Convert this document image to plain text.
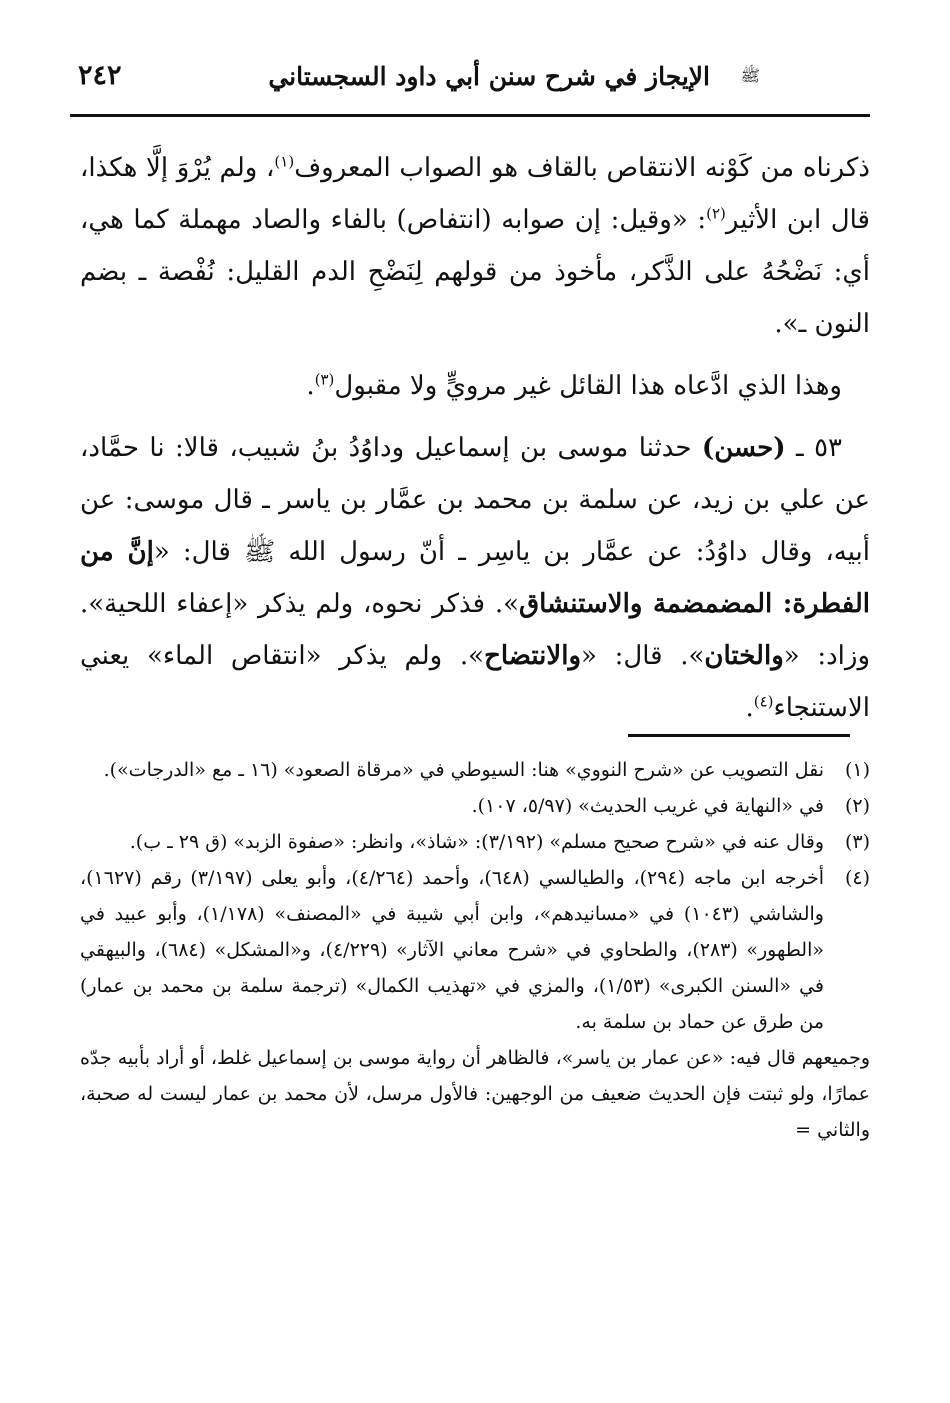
الإيجاز في شرح سنن أبي داود السجستاني ﷺ
٢٤٢

ذكرناه من كَوْنه الانتقاص بالقاف هو الصواب المعروف$^{(١)}$، ولم يُرْوَ إلَّا هكذا، قال ابن الأثير$^{(٢)}$: «وقيل: إن صوابه (انتفاص) بالفاء والصاد مهملة كما هي، أي: نَضْحُهُ على الذَّكر، مأخوذ من قولهم لِنَضْحِ الدم القليل: نُفْصة ـ بضم النون ـ».

وهذا الذي ادَّعاه هذا القائل غير مرويٍّ ولا مقبول$^{(٣)}$.

٥٣ ـ (حسن) حدثنا موسى بن إسماعيل وداوُدُ بنُ شبيب، قالا: نا حمَّاد، عن علي بن زيد، عن سلمة بن محمد بن عمَّار بن ياسر ـ قال موسى: عن أبيه، وقال داوُدُ: عن عمَّار بن ياسِر ـ أنّ رسول الله ﷺ قال: «إنَّ من الفطرة: المضمضمة والاستنشاق». فذكر نحوه، ولم يذكر «إعفاء اللحية». وزاد: «والختان». قال: «والانتضاح». ولم يذكر «انتقاص الماء» يعني الاستنجاء$^{(٤)}$.

(١)
نقل التصويب عن «شرح النووي» هنا: السيوطي في «مرقاة الصعود» (١٦ ـ مع «الدرجات»).
(٢)
في «النهاية في غريب الحديث» (٥/٩٧، ١٠٧).
(٣)
وقال عنه في «شرح صحيح مسلم» (٣/١٩٢): «شاذ»، وانظر: «صفوة الزبد» (ق ٢٩ ـ ب).
(٤)
أخرجه ابن ماجه (٢٩٤)، والطيالسي (٦٤٨)، وأحمد (٤/٢٦٤)، وأبو يعلى (٣/١٩٧) رقم (١٦٢٧)، والشاشي (١٠٤٣) في «مسانيدهم»، وابن أبي شيبة في «المصنف» (١/١٧٨)، وأبو عبيد في «الطهور» (٢٨٣)، والطحاوي في «شرح معاني الآثار» (٤/٢٢٩)، و«المشكل» (٦٨٤)، والبيهقي في «السنن الكبرى» (١/٥٣)، والمزي في «تهذيب الكمال» (ترجمة سلمة بن محمد بن عمار) من طرق عن حماد بن سلمة به.
وجميعهم قال فيه: «عن عمار بن ياسر»، فالظاهر أن رواية موسى بن إسماعيل غلط، أو أراد بأبيه جدّه عمارًا، ولو ثبتت فإن الحديث ضعيف من الوجهين: فالأول مرسل، لأن محمد بن عمار ليست له صحبة، والثاني =
